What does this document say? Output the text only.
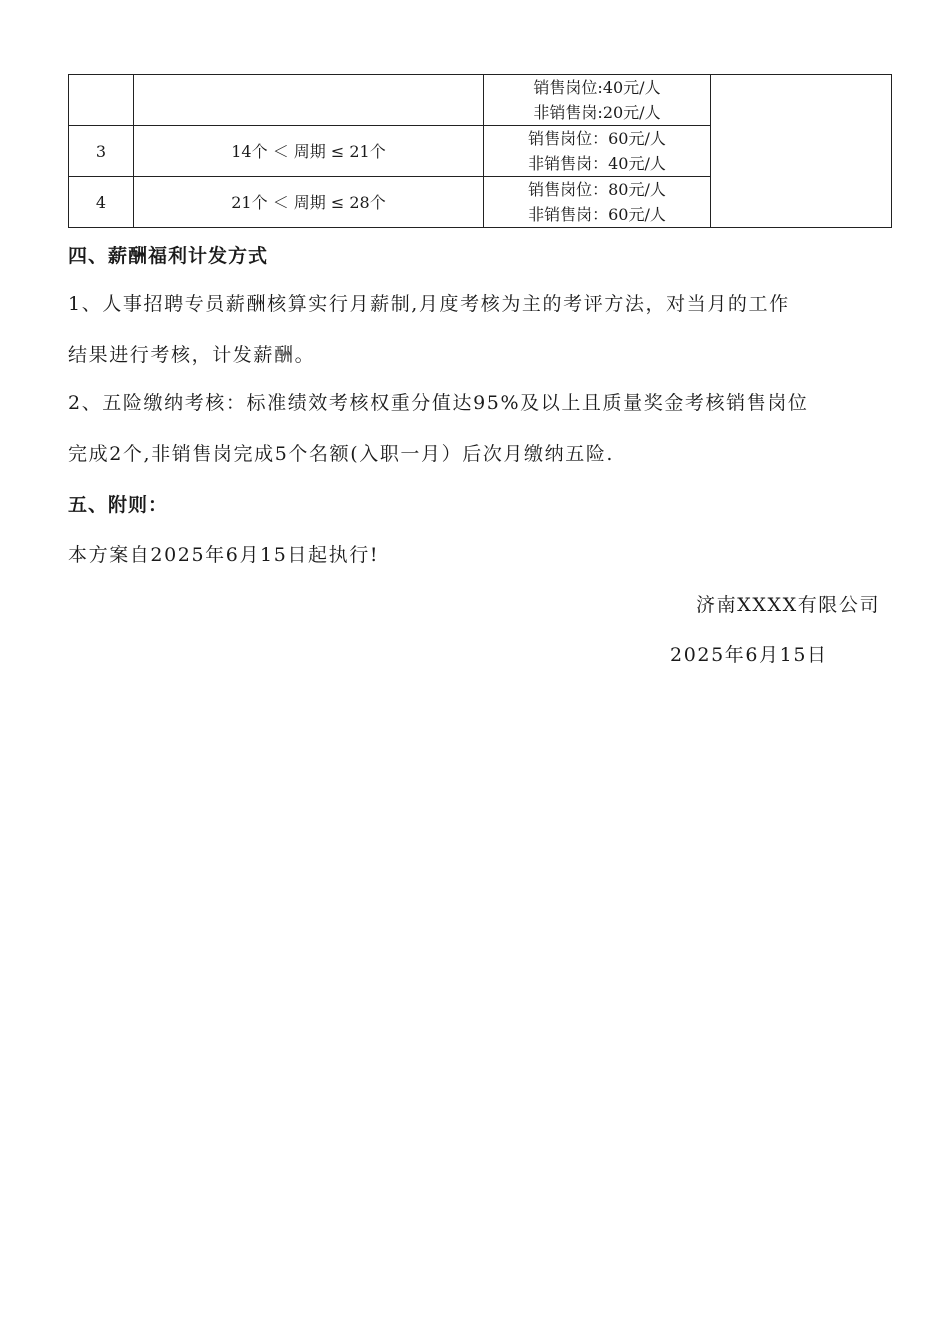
		销售岗位:40元/人
非销售岗:20元/人	

3	14个 ＜ 周期 ≤ 21个	销售岗位：60元/人
非销售岗：40元/人	

4	21个 ＜ 周期 ≤ 28个	销售岗位：80元/人
非销售岗：60元/人	
四、薪酬福利计发方式
1、人事招聘专员薪酬核算实行月薪制,月度考核为主的考评方法，对当月的工作
结果进行考核，计发薪酬。
2、五险缴纳考核：标准绩效考核权重分值达95%及以上且质量奖金考核销售岗位
完成2个,非销售岗完成5个名额(入职一月）后次月缴纳五险.
五、附则：
本方案自2025年6月15日起执行!
济南XXXX有限公司
2025年6月15日
